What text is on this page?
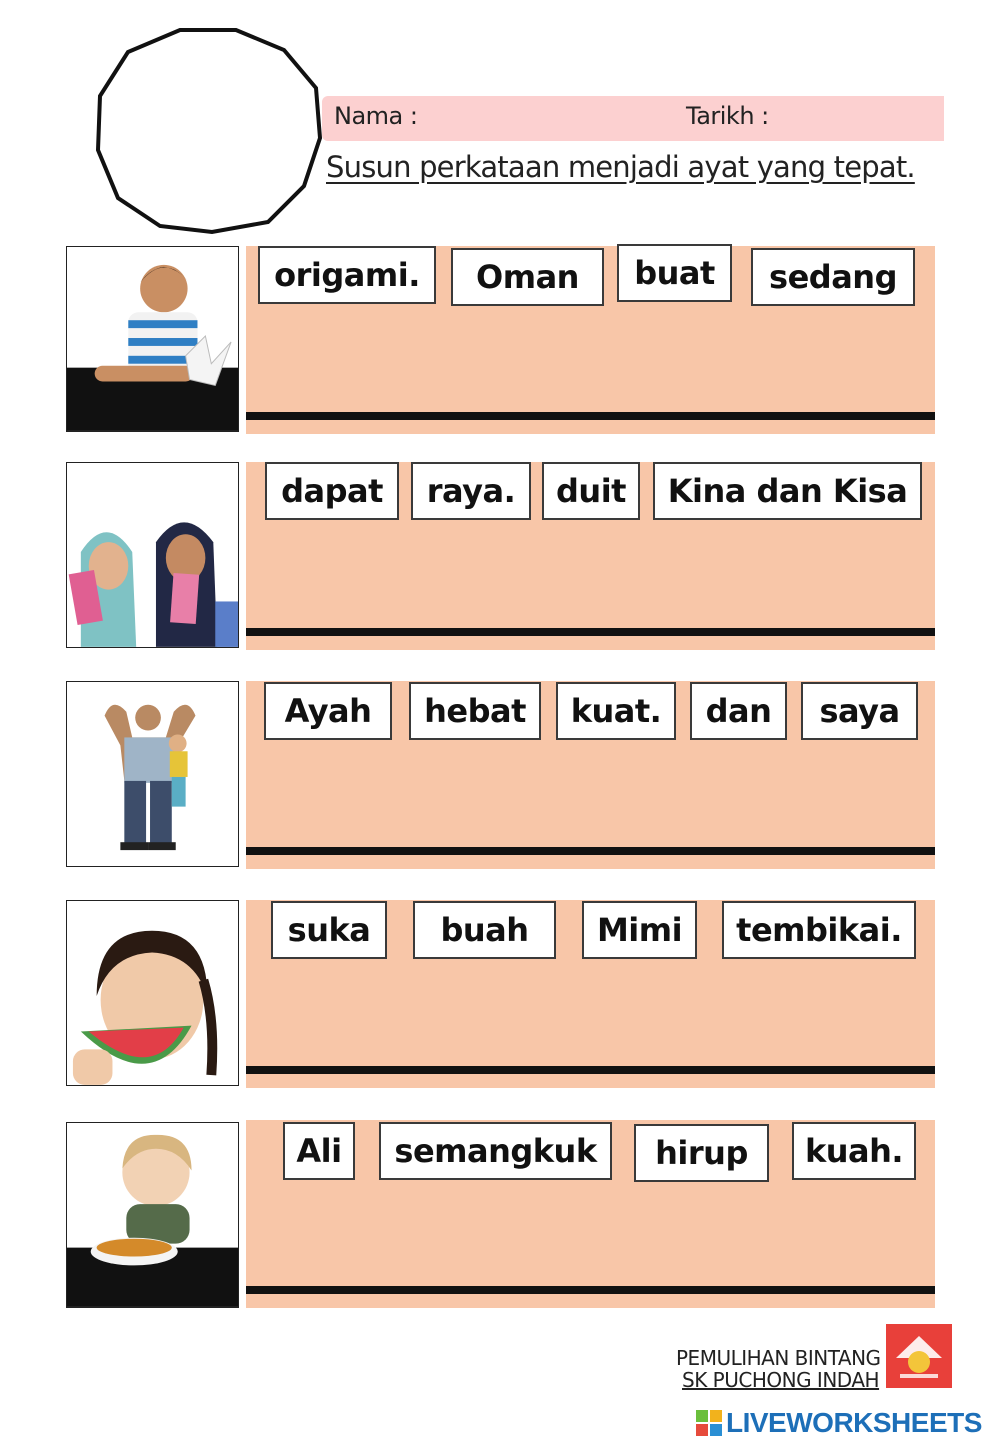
Nama :	Tarikh :
Susun perkataan menjadi ayat yang tepat.
origami.	Oman	buat	sedang
dapat	raya.	duit	Kina dan Kisa
Ayah	hebat	kuat.	dan	saya
suka	buah	Mimi	tembikai.
Ali	semangkuk	hirup	kuah.
PEMULIHAN BINTANG
SK PUCHONG INDAH
LIVEWORKSHEETS
